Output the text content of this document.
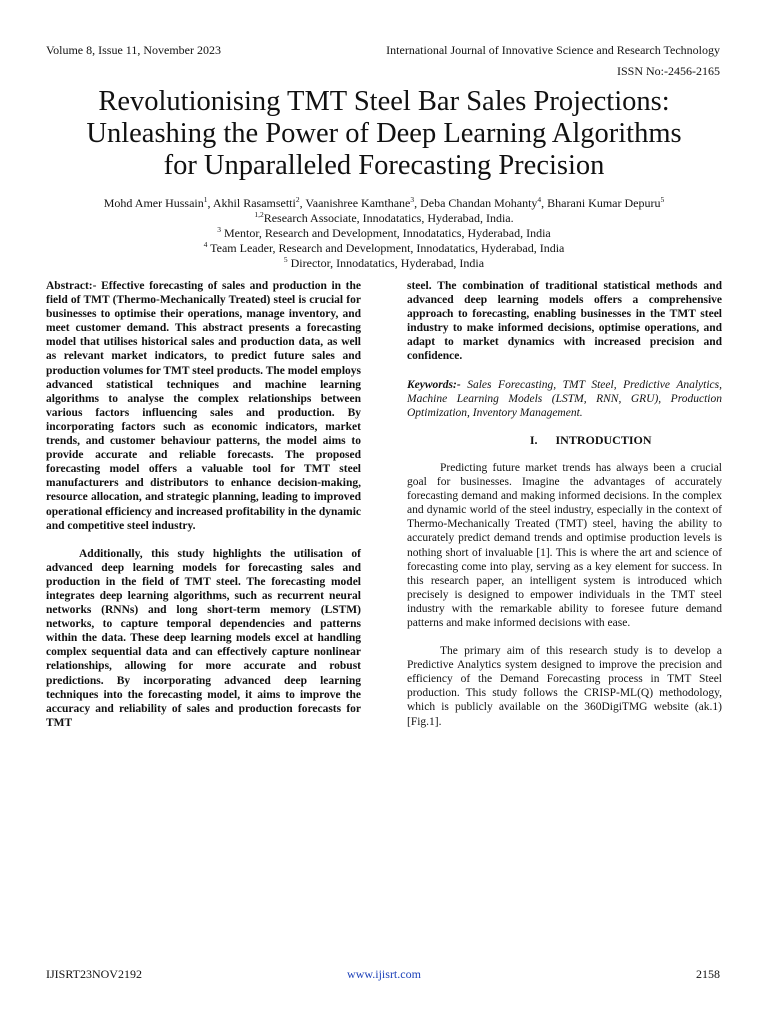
Volume 8, Issue 11, November 2023	International Journal of Innovative Science and Research Technology
ISSN No:-2456-2165
Revolutionising TMT Steel Bar Sales Projections:
Unleashing the Power of Deep Learning Algorithms
for Unparalleled Forecasting Precision
Mohd Amer Hussain$^1$, Akhil Rasamsetti$^2$, Vaanishree Kamthane$^3$, Deba Chandan Mohanty$^4$, Bharani Kumar Depuru$^5$
$^{1,2}$Research Associate, Innodatatics, Hyderabad, India.
$^3$ Mentor, Research and Development, Innodatatics, Hyderabad, India
$^4$ Team Leader, Research and Development, Innodatatics, Hyderabad, India
$^5$ Director, Innodatatics, Hyderabad, India

Abstract:- Effective forecasting of sales and production in the field of TMT (Thermo-Mechanically Treated) steel is crucial for businesses to optimise their operations, manage inventory, and meet customer demand. This abstract presents a forecasting model that utilises historical sales and production data, as well as relevant market indicators, to predict future sales and production volumes for TMT steel products. The model employs advanced statistical techniques and machine learning algorithms to analyse the complex relationships between various factors influencing sales and production. By incorporating factors such as economic indicators, market trends, and customer behaviour patterns, the model aims to provide accurate and reliable forecasts. The proposed forecasting model offers a valuable tool for TMT steel manufacturers and distributors to enhance decision-making, resource allocation, and strategic planning, leading to improved operational efficiency and increased profitability in the dynamic and competitive steel industry.

Additionally, this study highlights the utilisation of advanced deep learning models for forecasting sales and production in the field of TMT steel. The forecasting model integrates deep learning algorithms, such as recurrent neural networks (RNNs) and long short-term memory (LSTM) networks, to capture temporal dependencies and patterns within the data. These deep learning models excel at handling complex sequential data and can effectively capture nonlinear relationships, allowing for more accurate and robust predictions. By incorporating advanced deep learning techniques into the forecasting model, it aims to improve the accuracy and reliability of sales and production forecasts for TMT

steel. The combination of traditional statistical methods and advanced deep learning models offers a comprehensive approach to forecasting, enabling businesses in the TMT steel industry to make informed decisions, optimise operations, and adapt to market dynamics with increased precision and confidence.

Keywords:- Sales Forecasting, TMT Steel, Predictive Analytics, Machine Learning Models (LSTM, RNN, GRU), Production Optimization, Inventory Management.

I. INTRODUCTION

Predicting future market trends has always been a crucial goal for businesses. Imagine the advantages of accurately forecasting demand and making informed decisions. In the complex and dynamic world of the steel industry, especially in the context of Thermo-Mechanically Treated (TMT) steel, having the ability to accurately predict demand trends and optimise production levels is nothing short of invaluable [1]. This is where the art and science of forecasting come into play, serving as a key element for success. In this research paper, an intelligent system is introduced which precisely is designed to empower individuals in the TMT steel industry with the remarkable ability to foresee future demand patterns and make informed decisions with ease.

The primary aim of this research study is to develop a Predictive Analytics system designed to improve the precision and efficiency of the Demand Forecasting process in TMT Steel production. This study follows the CRISP-ML(Q) methodology, which is publicly available on the 360DigiTMG website (ak.1) [Fig.1].

IJISRT23NOV2192	www.ijisrt.com	2158
